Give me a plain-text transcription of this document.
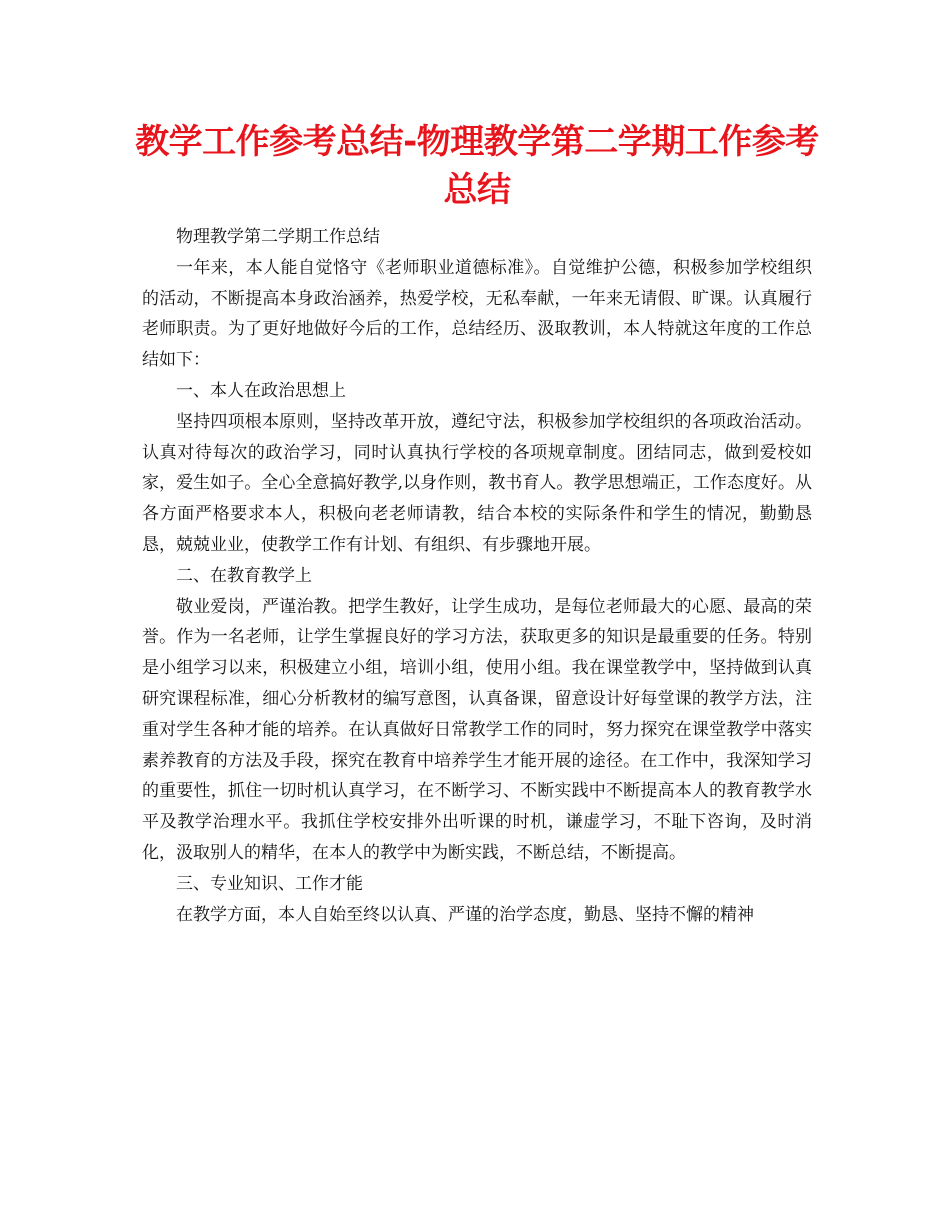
教学工作参考总结-物理教学第二学期工作参考总结

物理教学第二学期工作总结

一年来，本人能自觉恪守《老师职业道德标准》。自觉维护公德，积极参加学校组织的活动，不断提高本身政治涵养，热爱学校，无私奉献，一年来无请假、旷课。认真履行老师职责。为了更好地做好今后的工作，总结经历、汲取教训，本人特就这年度的工作总结如下：

一、本人在政治思想上

坚持四项根本原则，坚持改革开放，遵纪守法，积极参加学校组织的各项政治活动。认真对待每次的政治学习，同时认真执行学校的各项规章制度。团结同志，做到爱校如家，爱生如子。全心全意搞好教学,以身作则，教书育人。教学思想端正，工作态度好。从各方面严格要求本人，积极向老老师请教，结合本校的实际条件和学生的情况，勤勤恳恳，兢兢业业，使教学工作有计划、有组织、有步骤地开展。

二、在教育教学上

敬业爱岗，严谨治教。把学生教好，让学生成功，是每位老师最大的心愿、最高的荣誉。作为一名老师，让学生掌握良好的学习方法，获取更多的知识是最重要的任务。特别是小组学习以来，积极建立小组，培训小组，使用小组。我在课堂教学中，坚持做到认真研究课程标准，细心分析教材的编写意图，认真备课，留意设计好每堂课的教学方法，注重对学生各种才能的培养。在认真做好日常教学工作的同时，努力探究在课堂教学中落实素养教育的方法及手段，探究在教育中培养学生才能开展的途径。在工作中，我深知学习的重要性，抓住一切时机认真学习，在不断学习、不断实践中不断提高本人的教育教学水平及教学治理水平。我抓住学校安排外出听课的时机，谦虚学习，不耻下咨询，及时消化，汲取别人的精华，在本人的教学中为断实践，不断总结，不断提高。

三、专业知识、工作才能

在教学方面，本人自始至终以认真、严谨的治学态度，勤恳、坚持不懈的精神
